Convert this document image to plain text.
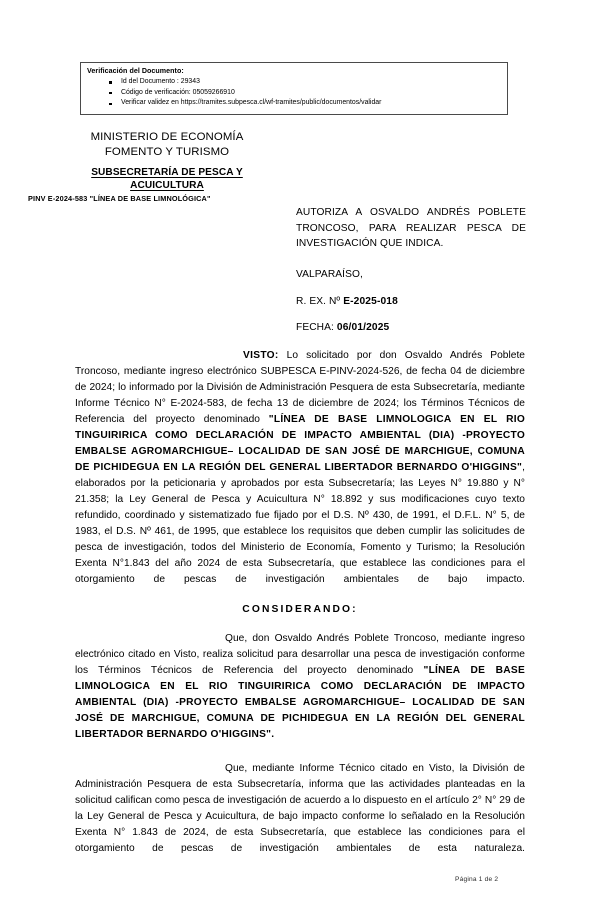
Verificación del Documento:
Id del Documento : 29343
Código de verificación: 05059266910
Verificar validez en https://tramites.subpesca.cl/wf-tramites/public/documentos/validar
MINISTERIO DE ECONOMÍA
FOMENTO Y TURISMO
SUBSECRETARÍA DE PESCA Y
ACUICULTURA
PINV E-2024-583 "LÍNEA DE BASE LIMNOLÓGICA"
AUTORIZA A OSVALDO ANDRÉS POBLETE TRONCOSO, PARA REALIZAR PESCA DE INVESTIGACIÓN QUE INDICA.
VALPARAÍSO,
R. EX. Nº E-2025-018
FECHA: 06/01/2025

VISTO: Lo solicitado por don Osvaldo Andrés Poblete Troncoso, mediante ingreso electrónico SUBPESCA E-PINV-2024-526, de fecha 04 de diciembre de 2024; lo informado por la División de Administración Pesquera de esta Subsecretaría, mediante Informe Técnico N° E-2024-583, de fecha 13 de diciembre de 2024; los Términos Técnicos de Referencia del proyecto denominado "LÍNEA DE BASE LIMNOLOGICA EN EL RIO TINGUIRIRICA COMO DECLARACIÓN DE IMPACTO AMBIENTAL (DIA) -PROYECTO EMBALSE AGROMARCHIGUE– LOCALIDAD DE SAN JOSÉ DE MARCHIGUE, COMUNA DE PICHIDEGUA EN LA REGIÓN DEL GENERAL LIBERTADOR BERNARDO O'HIGGINS", elaborados por la peticionaria y aprobados por esta Subsecretaría; las Leyes N° 19.880 y N° 21.358; la Ley General de Pesca y Acuicultura N° 18.892 y sus modificaciones cuyo texto refundido, coordinado y sistematizado fue fijado por el D.S. Nº 430, de 1991, el D.F.L. N° 5, de 1983, el D.S. Nº 461, de 1995, que establece los requisitos que deben cumplir las solicitudes de pesca de investigación, todos del Ministerio de Economía, Fomento y Turismo; la Resolución Exenta N°1.843 del año 2024 de esta Subsecretaría, que establece las condiciones para el otorgamiento de pescas de investigación ambientales de bajo impacto.

CONSIDERANDO:

Que, don Osvaldo Andrés Poblete Troncoso, mediante ingreso electrónico citado en Visto, realiza solicitud para desarrollar una pesca de investigación conforme los Términos Técnicos de Referencia del proyecto denominado "LÍNEA DE BASE LIMNOLOGICA EN EL RIO TINGUIRIRICA COMO DECLARACIÓN DE IMPACTO AMBIENTAL (DIA) -PROYECTO EMBALSE AGROMARCHIGUE– LOCALIDAD DE SAN JOSÉ DE MARCHIGUE, COMUNA DE PICHIDEGUA EN LA REGIÓN DEL GENERAL LIBERTADOR BERNARDO O'HIGGINS".

Que, mediante Informe Técnico citado en Visto, la División de Administración Pesquera de esta Subsecretaría, informa que las actividades planteadas en la solicitud califican como pesca de investigación de acuerdo a lo dispuesto en el artículo 2° N° 29 de la Ley General de Pesca y Acuicultura, de bajo impacto conforme lo señalado en la Resolución Exenta N° 1.843 de 2024, de esta Subsecretaría, que establece las condiciones para el otorgamiento de pescas de investigación ambientales de esta naturaleza.

Página 1 de 2
